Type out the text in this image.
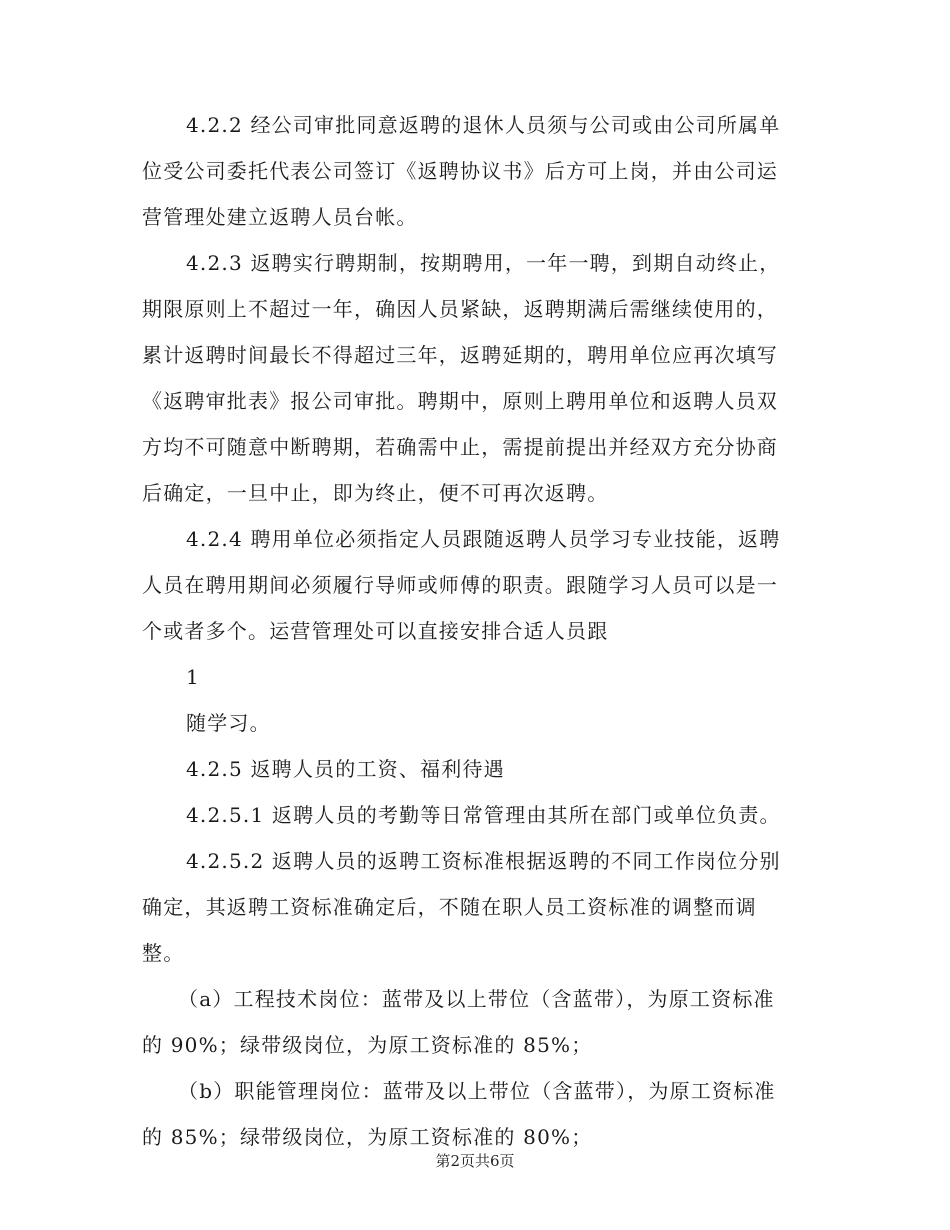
4.2.2 经公司审批同意返聘的退休人员须与公司或由公司所属单
位受公司委托代表公司签订《返聘协议书》后方可上岗，并由公司运
营管理处建立返聘人员台帐。
4.2.3 返聘实行聘期制，按期聘用，一年一聘，到期自动终止，
期限原则上不超过一年，确因人员紧缺，返聘期满后需继续使用的，
累计返聘时间最长不得超过三年，返聘延期的，聘用单位应再次填写
《返聘审批表》报公司审批。聘期中，原则上聘用单位和返聘人员双
方均不可随意中断聘期，若确需中止，需提前提出并经双方充分协商
后确定，一旦中止，即为终止，便不可再次返聘。
4.2.4 聘用单位必须指定人员跟随返聘人员学习专业技能，返聘
人员在聘用期间必须履行导师或师傅的职责。跟随学习人员可以是一
个或者多个。运营管理处可以直接安排合适人员跟
1
随学习。
4.2.5 返聘人员的工资、福利待遇
4.2.5.1 返聘人员的考勤等日常管理由其所在部门或单位负责。
4.2.5.2 返聘人员的返聘工资标准根据返聘的不同工作岗位分别
确定，其返聘工资标准确定后，不随在职人员工资标准的调整而调
整。
（a）工程技术岗位：蓝带及以上带位（含蓝带），为原工资标准
的 90%；绿带级岗位，为原工资标准的 85%；
（b）职能管理岗位：蓝带及以上带位（含蓝带），为原工资标准
的 85%；绿带级岗位，为原工资标准的 80%；
第2页共6页
